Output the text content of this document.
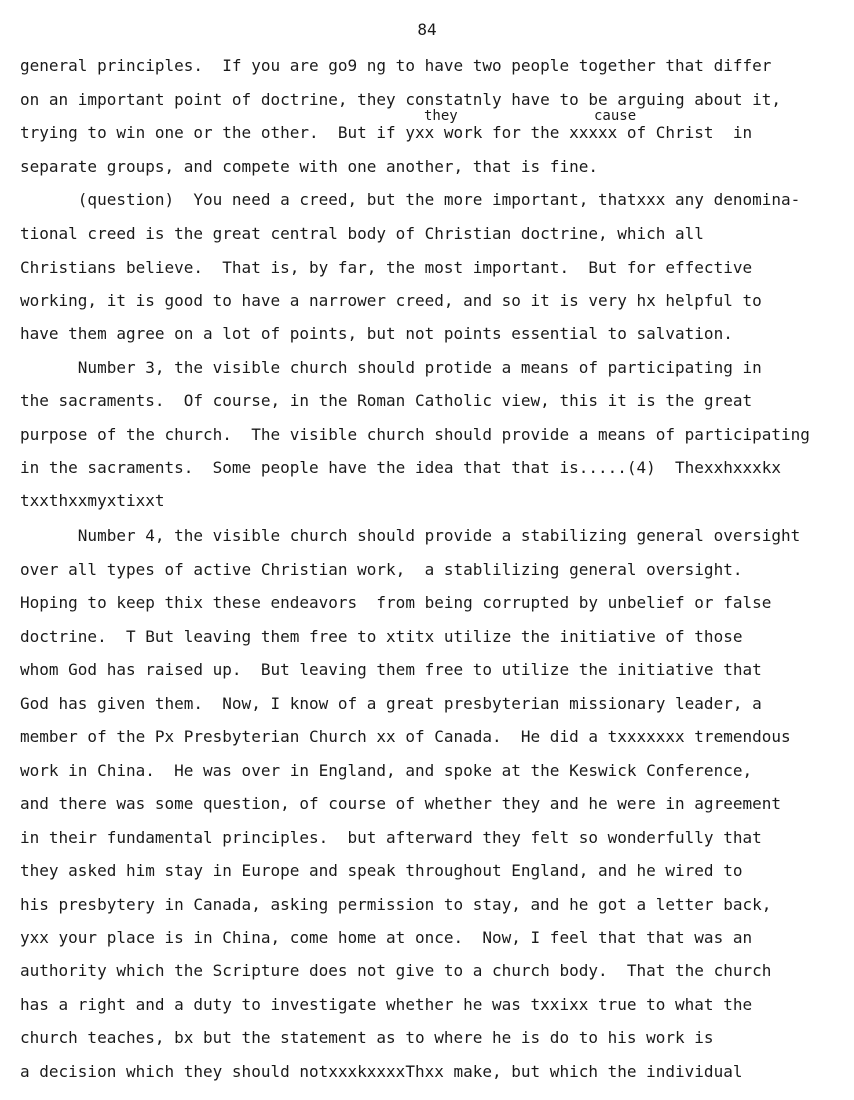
84
they	cause
general principles.  If you are go9 ng to have two people together that differ
on an important point of doctrine, they constatnly have to be arguing about it,
trying to win one or the other.  But if yxx work for the xxxxx of Christ  in
separate groups, and compete with one another, that is fine.
(question)  You need a creed, but the more important, thatxxx any denomina-
tional creed is the great central body of Christian doctrine, which all
Christians believe.  That is, by far, the most important.  But for effective
working, it is good to have a narrower creed, and so it is very hx helpful to
have them agree on a lot of points, but not points essential to salvation.
Number 3, the visible church should protide a means of participating in
the sacraments.  Of course, in the Roman Catholic view, this it is the great
purpose of the church.  The visible church should provide a means of participating
in the sacraments.  Some people have the idea that that is.....(4)  Thexxhxxxkx
txxthxxmyxtixxt
Number 4, the visible church should provide a stabilizing general oversight
over all types of active Christian work,  a stablilizing general oversight.
Hoping to keep thix these endeavors  from being corrupted by unbelief or false
doctrine.  T But leaving them free to xtitx utilize the initiative of those
whom God has raised up.  But leaving them free to utilize the initiative that
God has given them.  Now, I know of a great presbyterian missionary leader, a
member of the Px Presbyterian Church xx of Canada.  He did a txxxxxxx tremendous
work in China.  He was over in England, and spoke at the Keswick Conference,
and there was some question, of course of whether they and he were in agreement
in their fundamental principles.  but afterward they felt so wonderfully that
they asked him stay in Europe and speak throughout England, and he wired to
his presbytery in Canada, asking permission to stay, and he got a letter back,
yxx your place is in China, come home at once.  Now, I feel that that was an
authority which the Scripture does not give to a church body.  That the church
has a right and a duty to investigate whether he was txxixx true to what the
church teaches, bx but the statement as to where he is do to his work is
a decision which they should notxxxkxxxxThxx make, but which the individual
